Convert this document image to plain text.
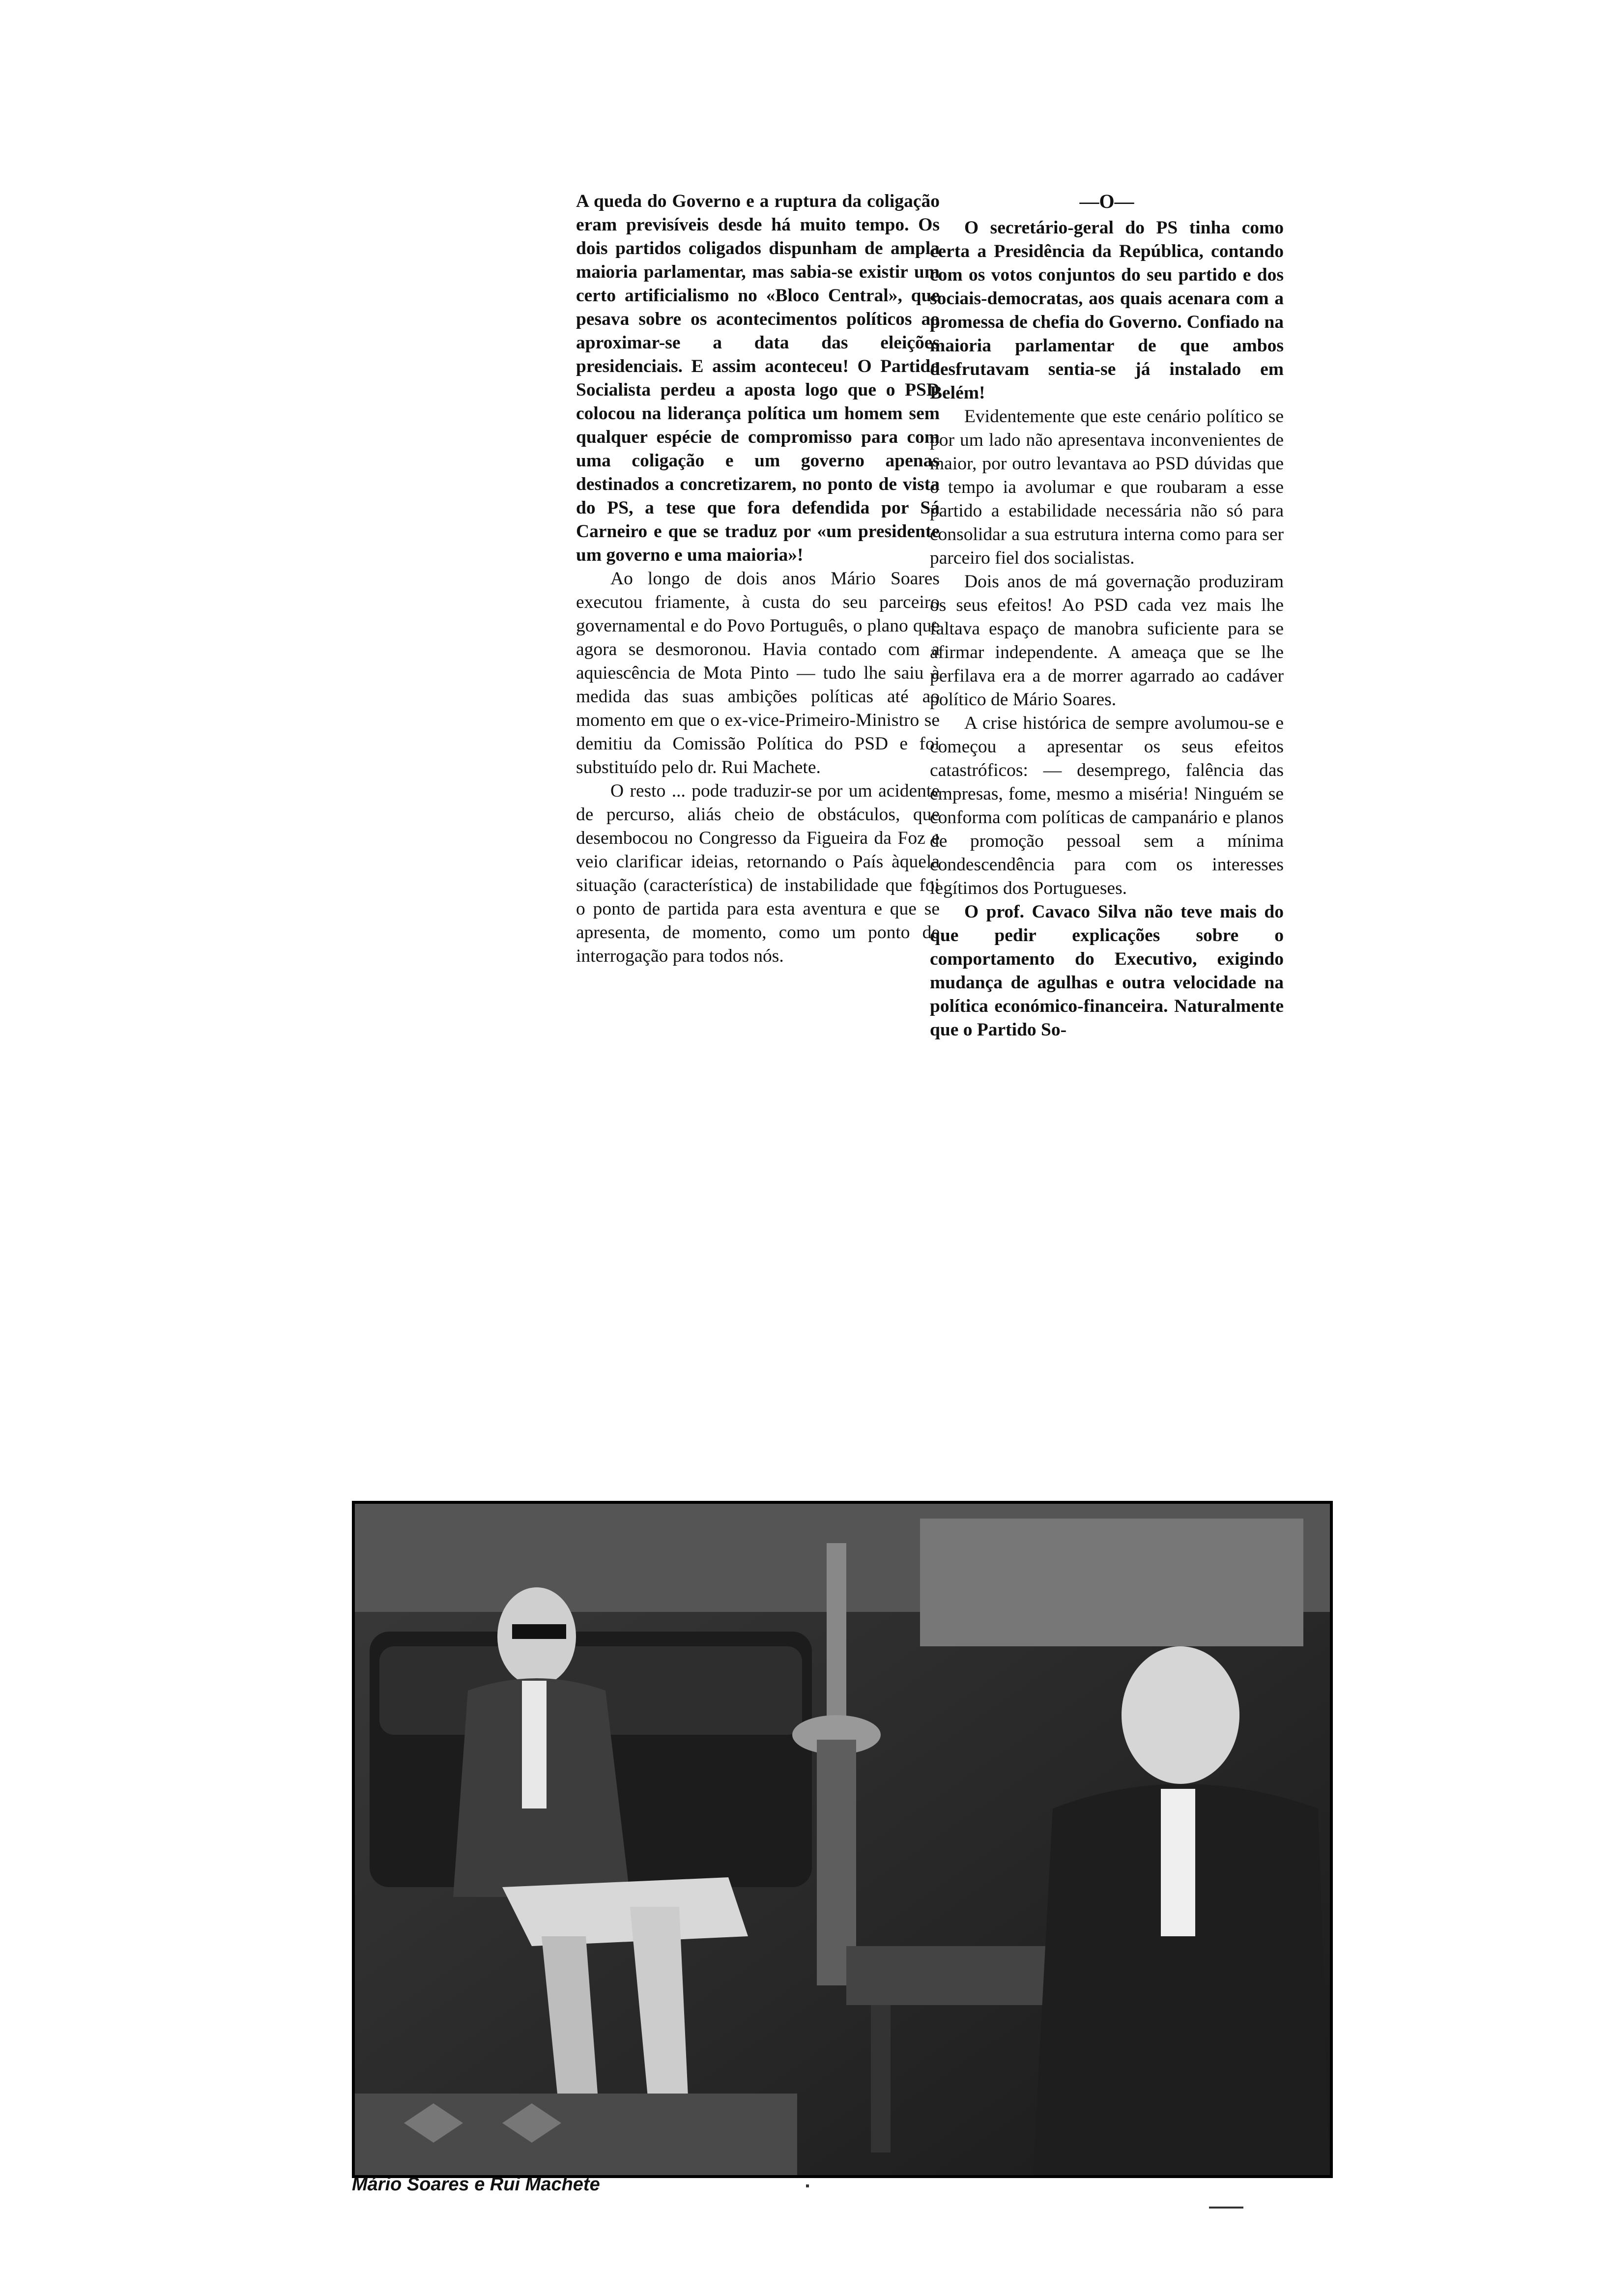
A queda do Governo e a ruptura da coligação eram previsíveis desde há muito tempo. Os dois partidos coligados dispunham de ampla maioria parlamentar, mas sabia-se existir um certo artificialismo no «Bloco Central», que pesava sobre os acontecimentos políticos ao aproximar-se a data das eleições presidenciais. E assim aconteceu! O Partido Socialista perdeu a aposta logo que o PSD colocou na liderança política um homem sem qualquer espécie de compromisso para com uma coligação e um governo apenas destinados a concretizarem, no ponto de vista do PS, a tese que fora defendida por Sá Carneiro e que se traduz por «um presidente um governo e uma maioria»!

Ao longo de dois anos Mário Soares executou friamente, à custa do seu parceiro governamental e do Povo Português, o plano que agora se desmoronou. Havia contado com a aquiescência de Mota Pinto — tudo lhe saiu à medida das suas ambições políticas até ao momento em que o ex-vice-Primeiro-Ministro se demitiu da Comissão Política do PSD e foi substituído pelo dr. Rui Machete.

O resto ... pode traduzir-se por um acidente de percurso, aliás cheio de obstáculos, que desembocou no Congresso da Figueira da Foz e veio clarificar ideias, retornando o País àquela situação (característica) de instabilidade que foi o ponto de partida para esta aventura e que se apresenta, de momento, como um ponto de interrogação para todos nós.

—O—

O secretário-geral do PS tinha como certa a Presidência da República, contando com os votos conjuntos do seu partido e dos sociais-democratas, aos quais acenara com a promessa de chefia do Governo. Confiado na maioria parlamentar de que ambos desfrutavam sentia-se já instalado em Belém!

Evidentemente que este cenário político se por um lado não apresentava inconvenientes de maior, por outro levantava ao PSD dúvidas que o tempo ia avolumar e que roubaram a esse partido a estabilidade necessária não só para consolidar a sua estrutura interna como para ser parceiro fiel dos socialistas.

Dois anos de má governação produziram os seus efeitos! Ao PSD cada vez mais lhe faltava espaço de manobra suficiente para se afirmar independente. A ameaça que se lhe perfilava era a de morrer agarrado ao cadáver político de Mário Soares.

A crise histórica de sempre avolumou-se e começou a apresentar os seus efeitos catastróficos: — desemprego, falência das empresas, fome, mesmo a miséria! Ninguém se conforma com políticas de campanário e planos de promoção pessoal sem a mínima condescendência para com os interesses legítimos dos Portugueses.

O prof. Cavaco Silva não teve mais do que pedir explicações sobre o comportamento do Executivo, exigindo mudança de agulhas e outra velocidade na política económico-financeira. Naturalmente que o Partido So-

Mário Soares e Rui Machete
